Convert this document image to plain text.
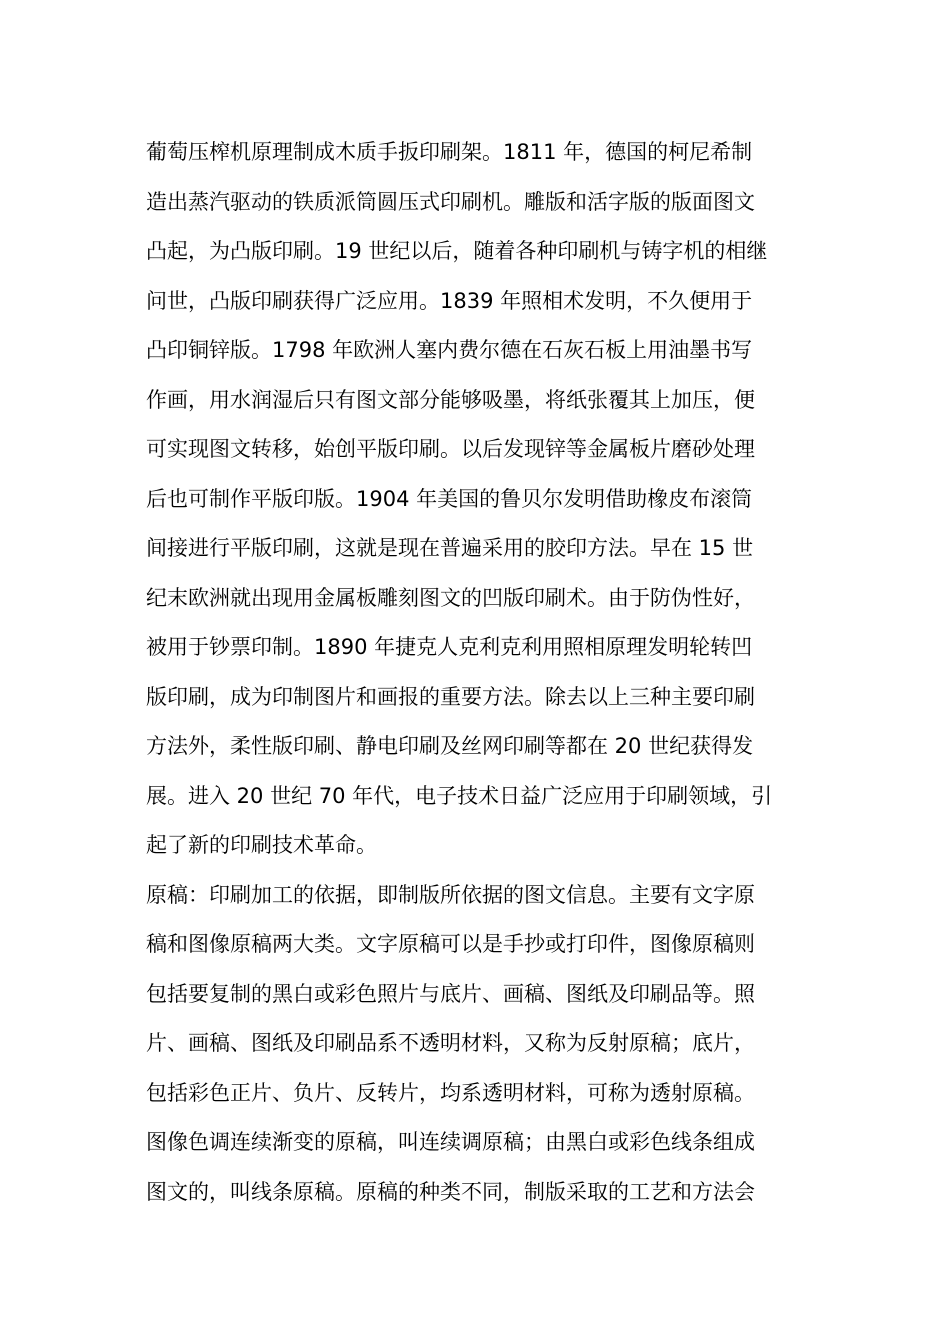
葡萄压榨机原理制成木质手扳印刷架。1811 年，德国的柯尼希制
造出蒸汽驱动的铁质派筒圆压式印刷机。雕版和活字版的版面图文
凸起，为凸版印刷。19 世纪以后，随着各种印刷机与铸字机的相继
问世，凸版印刷获得广泛应用。1839 年照相术发明，不久便用于
凸印铜锌版。1798 年欧洲人塞内费尔德在石灰石板上用油墨书写
作画，用水润湿后只有图文部分能够吸墨，将纸张覆其上加压，便
可实现图文转移，始创平版印刷。以后发现锌等金属板片磨砂处理
后也可制作平版印版。1904 年美国的鲁贝尔发明借助橡皮布滚筒
间接进行平版印刷，这就是现在普遍采用的胶印方法。早在 15 世
纪末欧洲就出现用金属板雕刻图文的凹版印刷术。由于防伪性好，
被用于钞票印制。1890 年捷克人克利克利用照相原理发明轮转凹
版印刷，成为印制图片和画报的重要方法。除去以上三种主要印刷
方法外，柔性版印刷、静电印刷及丝网印刷等都在 20 世纪获得发
展。进入 20 世纪 70 年代，电子技术日益广泛应用于印刷领域，引
起了新的印刷技术革命。
原稿：印刷加工的依据，即制版所依据的图文信息。主要有文字原
稿和图像原稿两大类。文字原稿可以是手抄或打印件，图像原稿则
包括要复制的黑白或彩色照片与底片、画稿、图纸及印刷品等。照
片、画稿、图纸及印刷品系不透明材料，又称为反射原稿；底片，
包括彩色正片、负片、反转片，均系透明材料，可称为透射原稿。
图像色调连续渐变的原稿，叫连续调原稿；由黑白或彩色线条组成
图文的，叫线条原稿。原稿的种类不同，制版采取的工艺和方法会
